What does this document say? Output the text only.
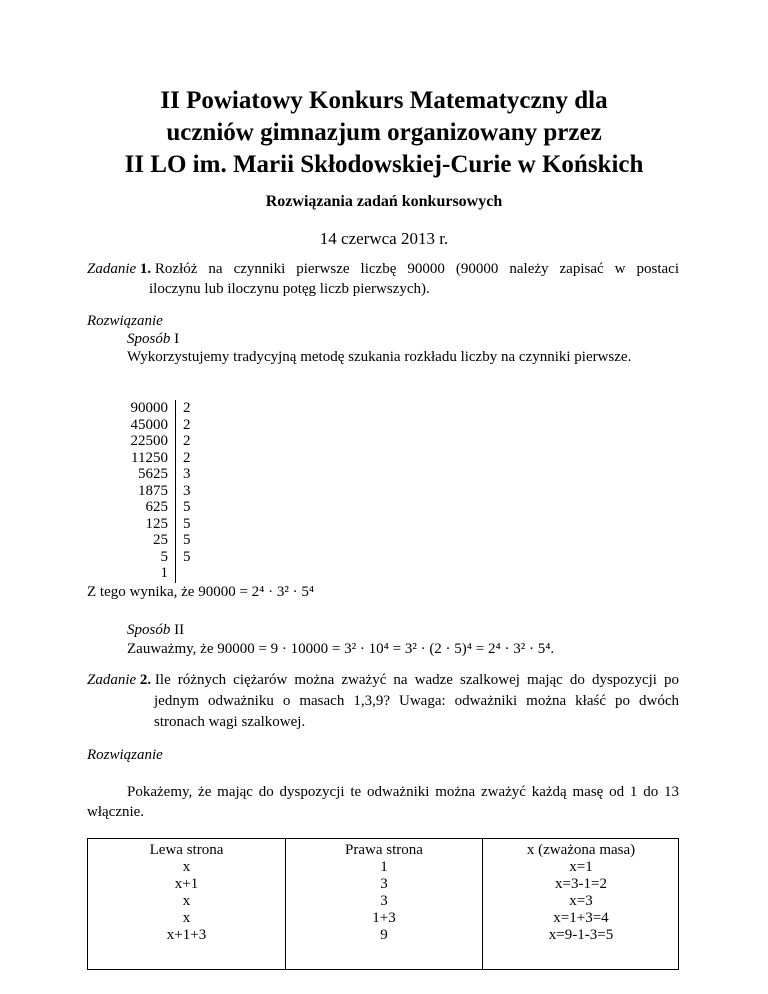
II Powiatowy Konkurs Matematyczny dla
uczniów gimnazjum organizowany przez
II LO im. Marii Skłodowskiej-Curie w Końskich
Rozwiązania zadań konkursowych
14 czerwca 2013 r.
Zadanie 1. Rozłóż na czynniki pierwsze liczbę 90000 (90000 należy zapisać w postaci
iloczynu lub iloczynu potęg liczb pierwszych).
Rozwiązanie
Sposób I
Wykorzystujemy tradycyjną metodę szukania rozkładu liczby na czynniki pierwsze.
90000
45000
22500
11250
5625
1875
625
125
25
5
1
2
2
2
2
3
3
5
5
5
5
Z tego wynika, że 90000 = 2⁴ · 3² · 5⁴
Sposób II
Zauważmy, że 90000 = 9 · 10000 = 3² · 10⁴ = 3² · (2 · 5)⁴ = 2⁴ · 3² · 5⁴.
Zadanie 2. Ile różnych ciężarów można zważyć na wadze szalkowej mając do dyspozycji po
jednym odważniku o masach 1,3,9? Uwaga: odważniki można kłaść po dwóch
stronach wagi szalkowej.
Rozwiązanie
Pokażemy, że mając do dyspozycji te odważniki można zważyć każdą masę od 1 do 13
włącznie.
Lewa strona
x
x+1
x
x
x+1+3
Prawa strona
1
3
3
1+3
9
x (zważona masa)
x=1
x=3-1=2
x=3
x=1+3=4
x=9-1-3=5
